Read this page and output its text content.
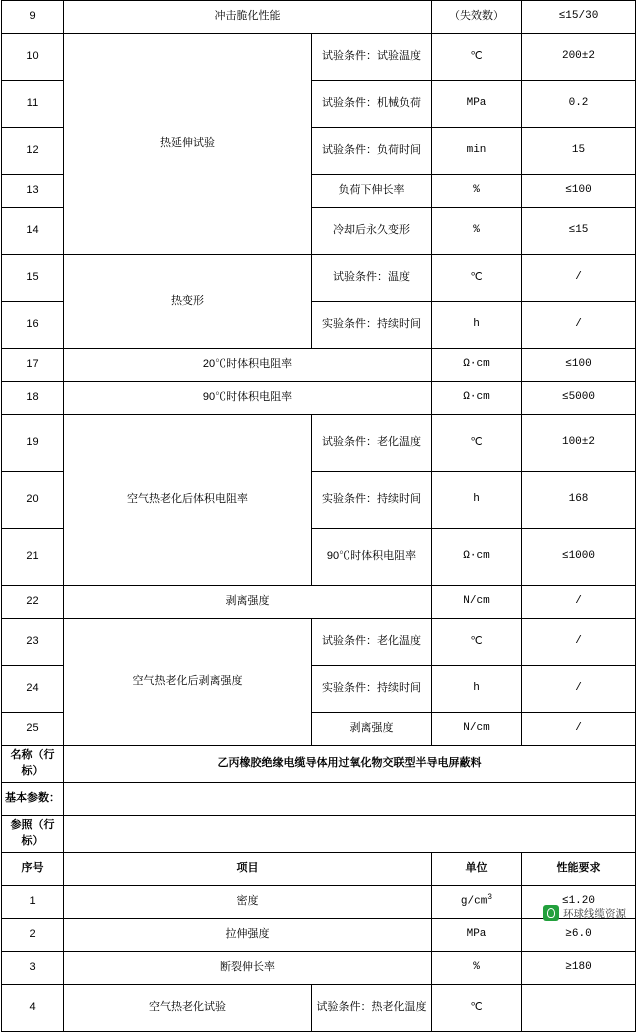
9	冲击脆化性能		（失效数）	≤15/30
10	热延伸试验	试验条件：试验温度	℃	200±2
11		试验条件：机械负荷	MPa	0.2
12		试验条件：负荷时间	min	15
13		负荷下伸长率	%	≤100
14		冷却后永久变形	%	≤15
15	热变形	试验条件：温度	℃	/
16		实验条件：持续时间	h	/
17	20℃时体积电阻率		Ω·cm	≤100
18	90℃时体积电阻率		Ω·cm	≤5000
19	空气热老化后体积电阻率	试验条件：老化温度	℃	100±2
20		实验条件：持续时间	h	168
21		90℃时体积电阻率	Ω·cm	≤1000
22	剥离强度		N/cm	/
23	空气热老化后剥离强度	试验条件：老化温度	℃	/
24		实验条件：持续时间	h	/
25		剥离强度	N/cm	/
名称（行标）	乙丙橡胶绝缘电缆导体用过氧化物交联型半导电屏蔽料			
基本参数：				
参照（行标）				
序号	项目		单位	性能要求
1	密度		$g/cm^3$	≤1.20
2	拉伸强度		MPa	≥6.0
3	断裂伸长率		%	≥180
4	空气热老化试验	试验条件：热老化温度	℃	
环球线缆资源
